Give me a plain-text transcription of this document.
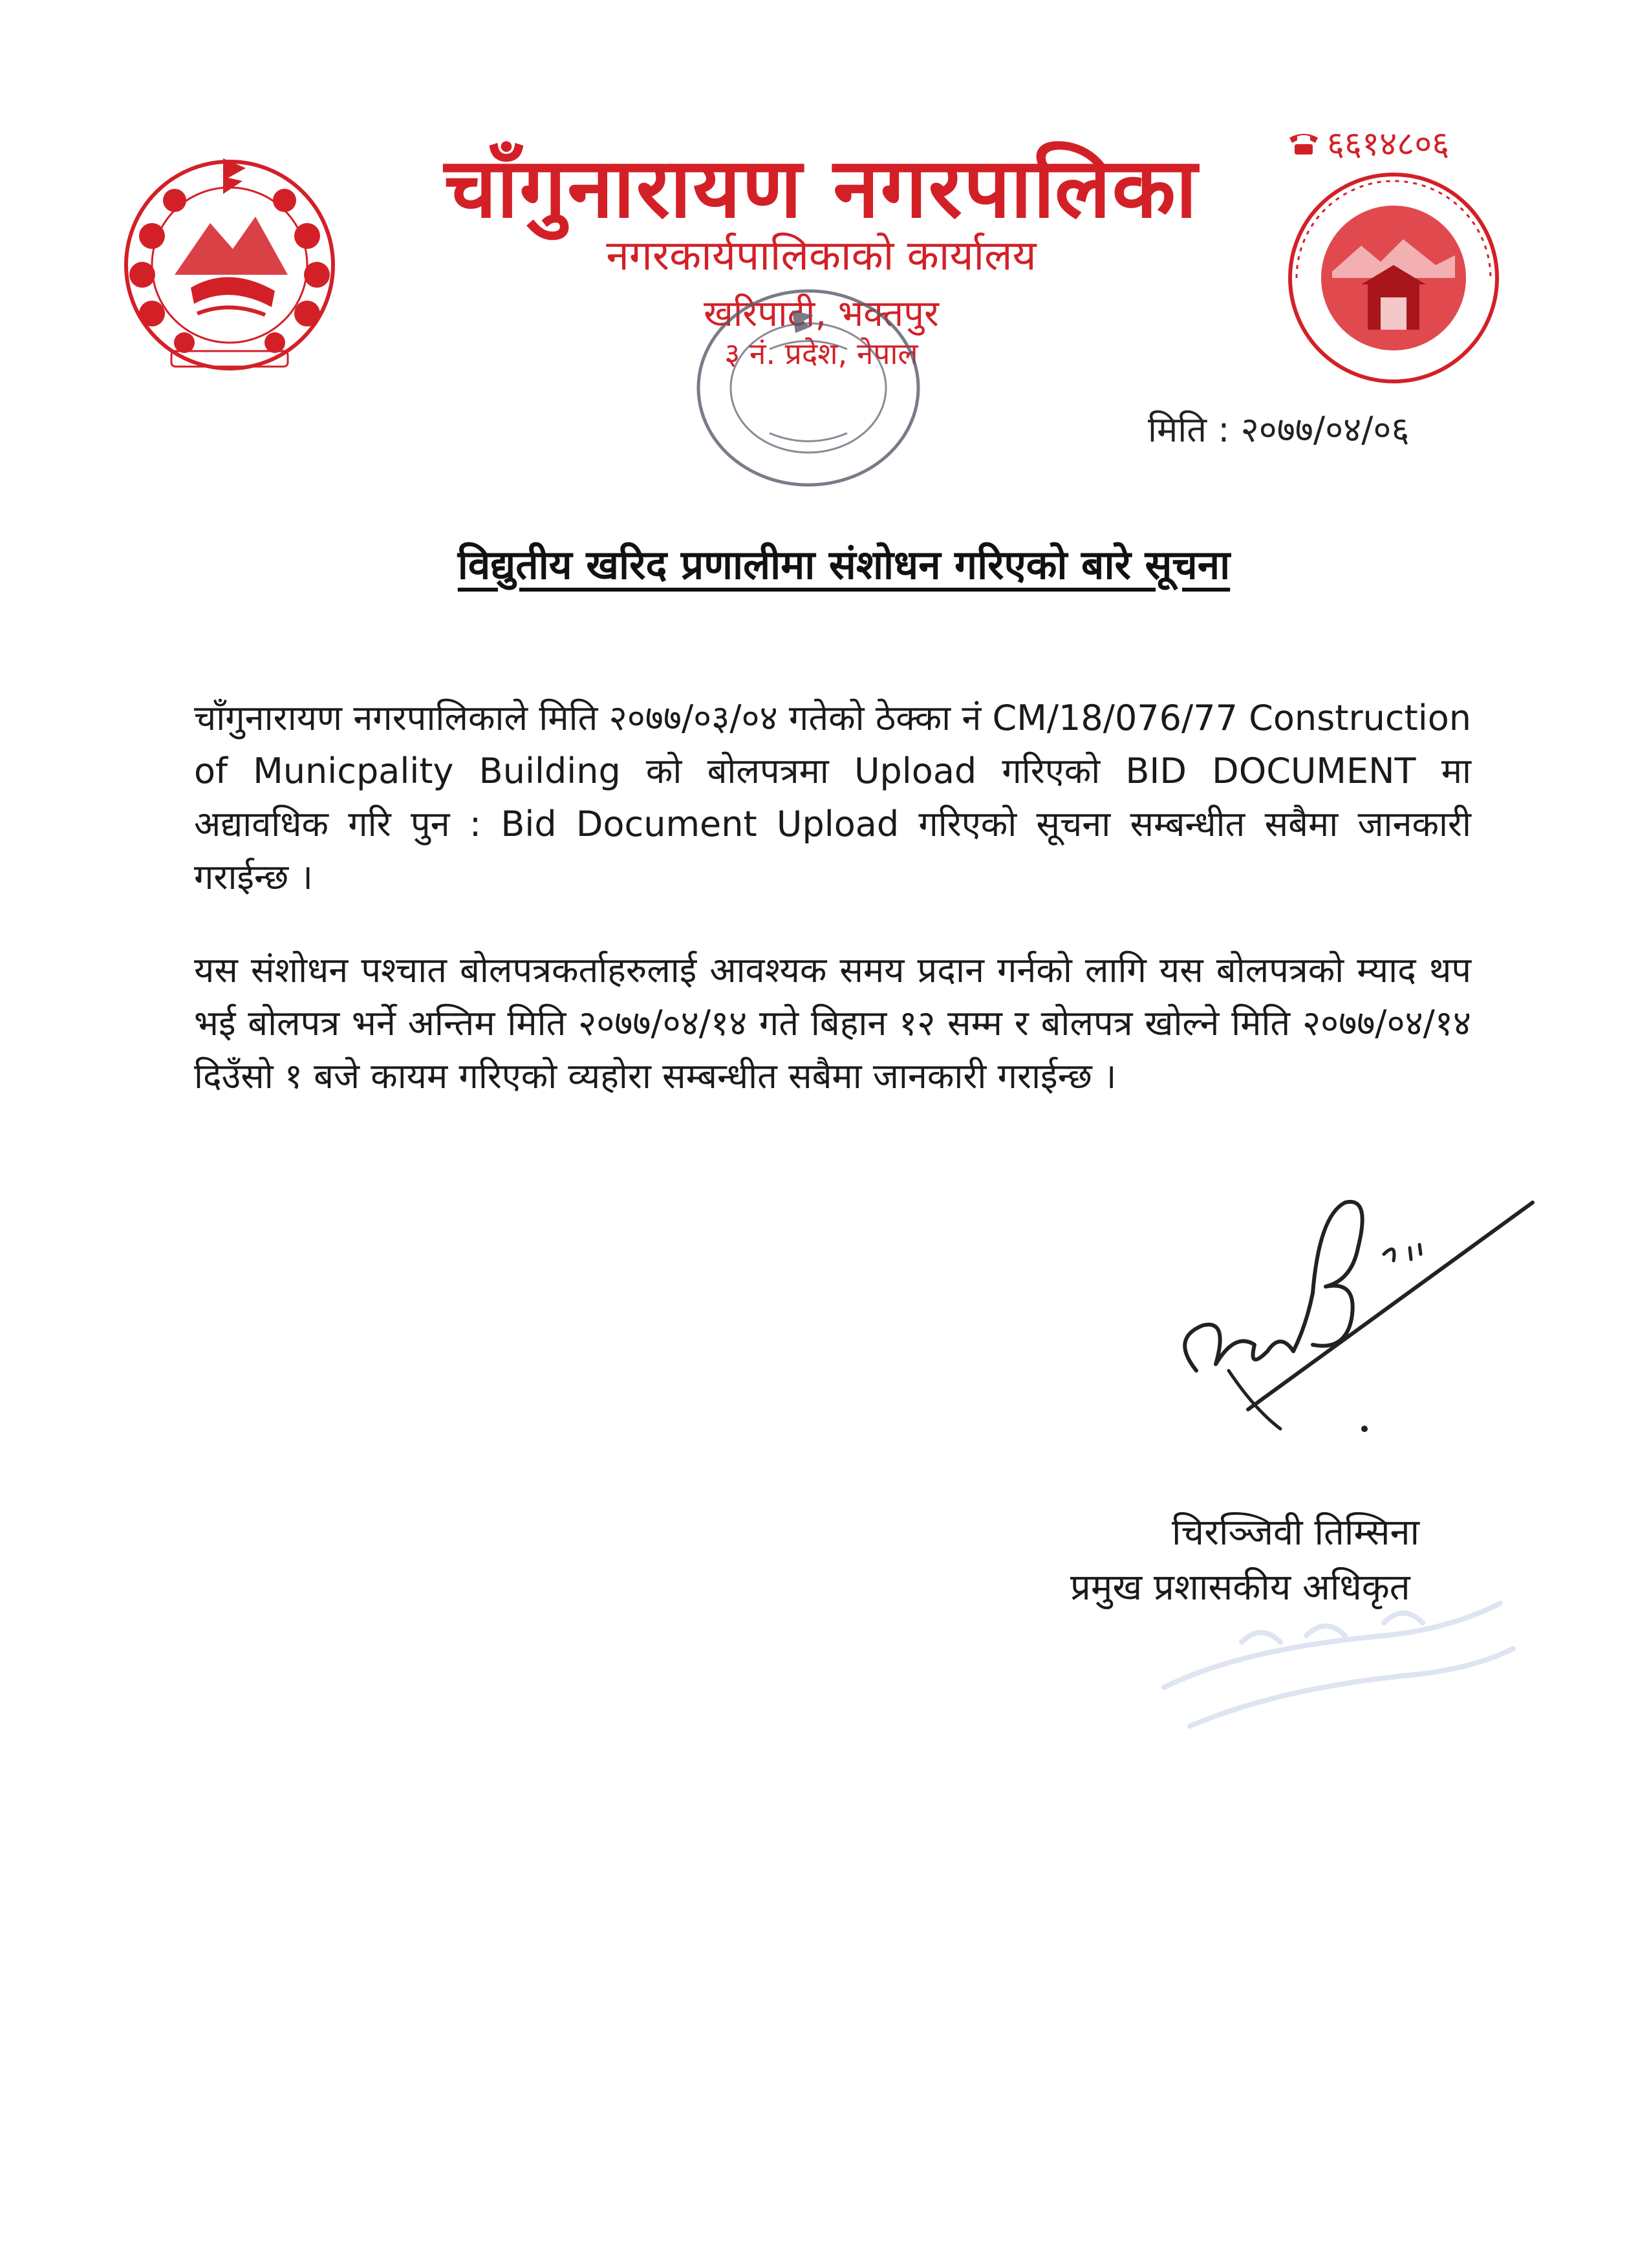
चाँगुनारायण नगरपालिका
नगरकार्यपालिकाको कार्यालय
खरिपाटी, भक्तपुर
३ नं. प्रदेश, नेपाल
६६१४८०६
मिति : २०७७/०४/०६
विद्युतीय खरिद प्रणालीमा संशोधन गरिएको बारे सूचना
चाँगुनारायण नगरपालिकाले मिति २०७७/०३/०४ गतेको ठेक्का नं CM/18/076/77 Construction of Municpality Building को बोलपत्रमा Upload गरिएको BID DOCUMENT मा अद्यावधिक गरि पुन : Bid Document Upload गरिएको सूचना सम्बन्धीत सबैमा जानकारी गराईन्छ ।
यस संशोधन पश्चात बोलपत्रकर्ताहरुलाई आवश्यक समय प्रदान गर्नको लागि यस बोलपत्रको म्याद थप भई बोलपत्र भर्ने अन्तिम मिति २०७७/०४/१४ गते बिहान १२ सम्म र बोलपत्र खोल्ने मिति २०७७/०४/१४ दिउँसो १ बजे कायम गरिएको व्यहोरा सम्बन्धीत सबैमा जानकारी गराईन्छ ।
चिरञ्जिवी तिम्सिना
प्रमुख प्रशासकीय अधिकृत
